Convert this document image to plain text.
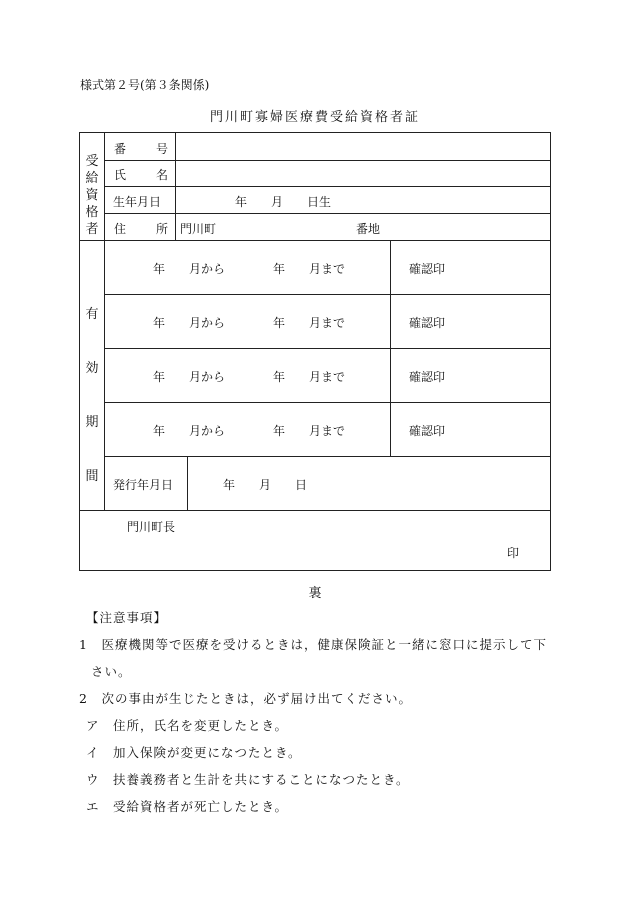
様式第２号(第３条関係)
門川町寡婦医療費受給資格者証
受
給
資
格
者
番 号
氏 名
生年月日	年　　月　　日生
住 所 門川町	番地
有
効
期
間
年　　月から	年　　月まで	確認印
年　　月から	年　　月まで	確認印
年　　月から	年　　月まで	確認印
年　　月から	年　　月まで	確認印
発行年月日	年　　月　　日
門川町長
印
裏
【注意事項】
1　医療機関等で医療を受けるときは，健康保険証と一緒に窓口に提示して下
さい。
2　次の事由が生じたときは，必ず届け出てください。
ア　住所，氏名を変更したとき。
イ　加入保険が変更になつたとき。
ウ　扶養義務者と生計を共にすることになつたとき。
エ　受給資格者が死亡したとき。
